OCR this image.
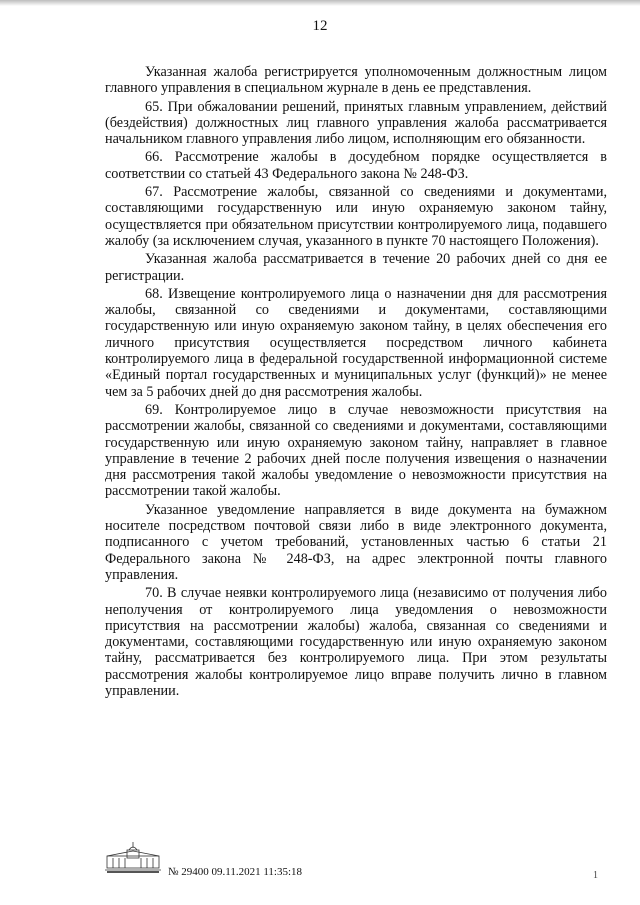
12

Указанная жалоба регистрируется уполномоченным должностным лицом главного управления в специальном журнале в день ее представления.

65. При обжаловании решений, принятых главным управлением, действий (бездействия) должностных лиц главного управления жалоба рассматривается начальником главного управления либо лицом, исполняющим его обязанности.

66. Рассмотрение жалобы в досудебном порядке осуществляется в соответствии со статьей 43 Федерального закона № 248-ФЗ.

67. Рассмотрение жалобы, связанной со сведениями и документами, составляющими государственную или иную охраняемую законом тайну, осуществляется при обязательном присутствии контролируемого лица, подавшего жалобу (за исключением случая, указанного в пункте 70 настоящего Положения).

Указанная жалоба рассматривается в течение 20 рабочих дней со дня ее регистрации.

68. Извещение контролируемого лица о назначении дня для рассмотрения жалобы, связанной со сведениями и документами, составляющими государственную или иную охраняемую законом тайну, в целях обеспечения его личного присутствия осуществляется посредством личного кабинета контролируемого лица в федеральной государственной информационной системе «Единый портал государственных и муниципальных услуг (функций)» не менее чем за 5 рабочих дней до дня рассмотрения жалобы.

69. Контролируемое лицо в случае невозможности присутствия на рассмотрении жалобы, связанной со сведениями и документами, составляющими государственную или иную охраняемую законом тайну, направляет в главное управление в течение 2 рабочих дней после получения извещения о назначении дня рассмотрения такой жалобы уведомление о невозможности присутствия на рассмотрении такой жалобы.

Указанное уведомление направляется в виде документа на бумажном носителе посредством почтовой связи либо в виде электронного документа, подписанного с учетом требований, установленных частью 6 статьи 21 Федерального закона № 248-ФЗ, на адрес электронной почты главного управления.

70. В случае неявки контролируемого лица (независимо от получения либо неполучения от контролируемого лица уведомления о невозможности присутствия на рассмотрении жалобы) жалоба, связанная со сведениями и документами, составляющими государственную или иную охраняемую законом тайну, рассматривается без контролируемого лица. При этом результаты рассмотрения жалобы контролируемое лицо вправе получить лично в главном управлении.

№ 29400 09.11.2021 11:35:18	1
